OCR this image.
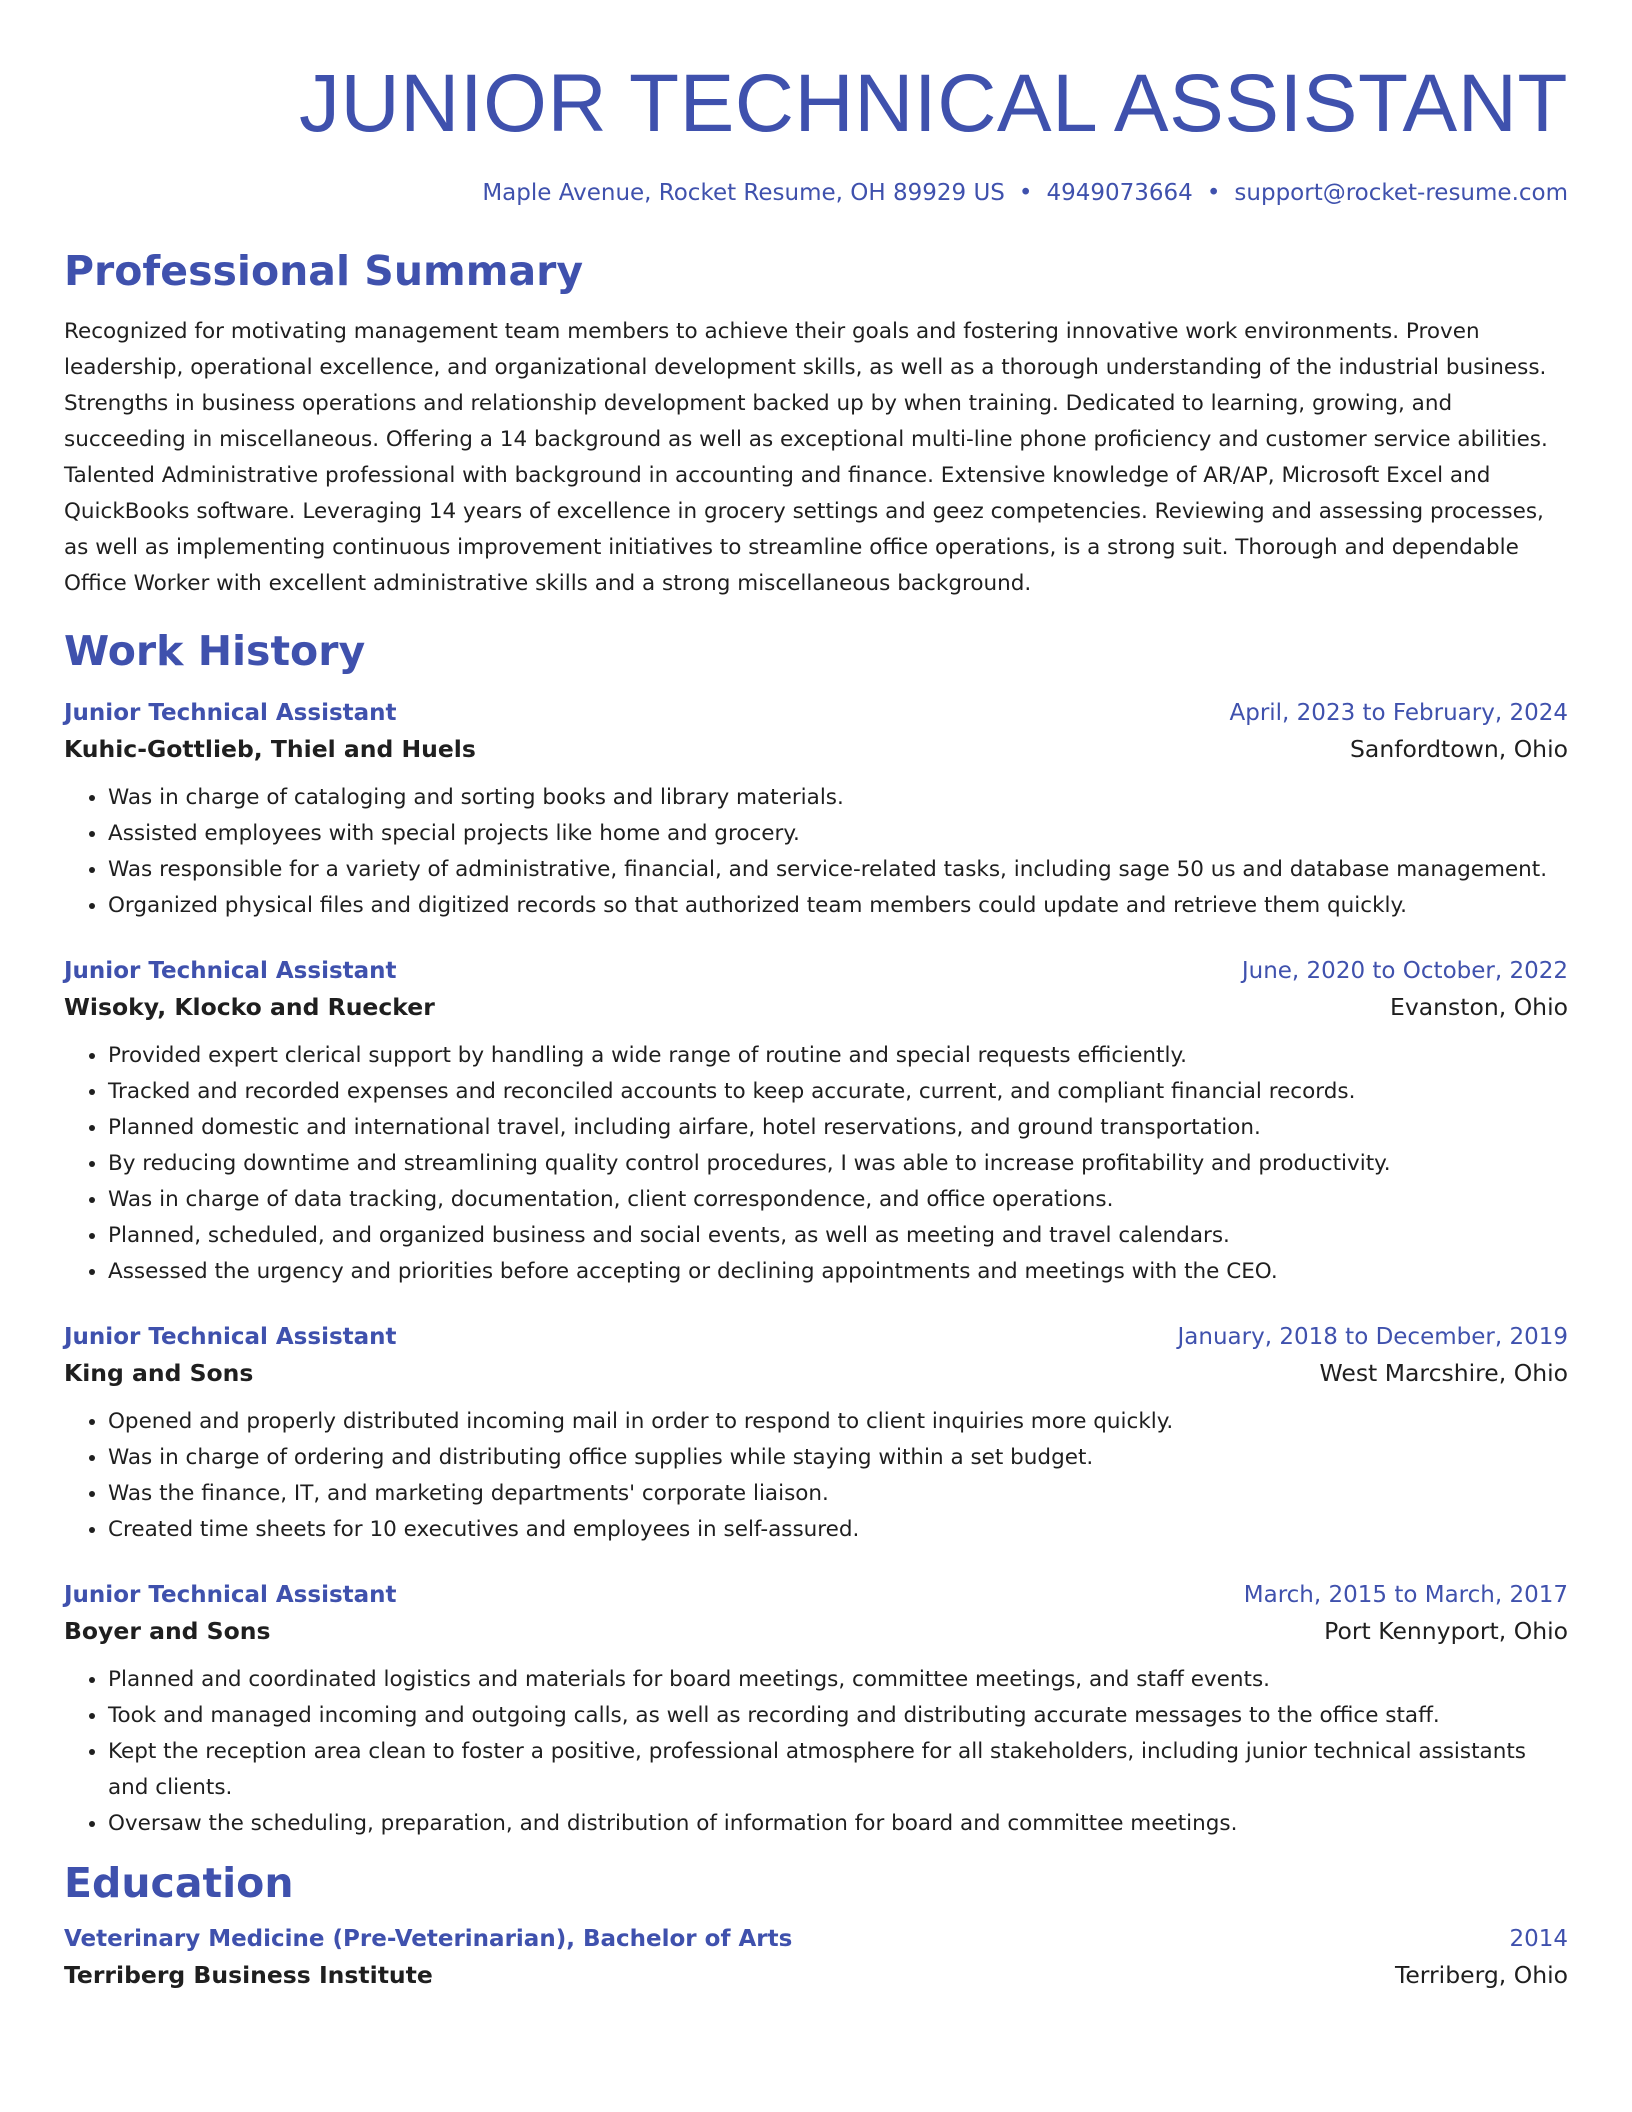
JUNIOR TECHNICAL ASSISTANT
Maple Avenue, Rocket Resume, OH 89929 US • 4949073664 • support@rocket-resume.com
Professional Summary
Recognized for motivating management team members to achieve their goals and fostering innovative work environments. Proven leadership, operational excellence, and organizational development skills, as well as a thorough understanding of the industrial business. Strengths in business operations and relationship development backed up by when training. Dedicated to learning, growing, and succeeding in miscellaneous. Offering a 14 background as well as exceptional multi-line phone proficiency and customer service abilities. Talented Administrative professional with background in accounting and finance. Extensive knowledge of AR/AP, Microsoft Excel and QuickBooks software. Leveraging 14 years of excellence in grocery settings and geez competencies. Reviewing and assessing processes, as well as implementing continuous improvement initiatives to streamline office operations, is a strong suit. Thorough and dependable Office Worker with excellent administrative skills and a strong miscellaneous background.
Work History
Junior Technical Assistant	April, 2023 to February, 2024
Kuhic-Gottlieb, Thiel and Huels	Sanfordtown, Ohio
• Was in charge of cataloging and sorting books and library materials.
• Assisted employees with special projects like home and grocery.
• Was responsible for a variety of administrative, financial, and service-related tasks, including sage 50 us and database management.
• Organized physical files and digitized records so that authorized team members could update and retrieve them quickly.
Junior Technical Assistant	June, 2020 to October, 2022
Wisoky, Klocko and Ruecker	Evanston, Ohio
• Provided expert clerical support by handling a wide range of routine and special requests efficiently.
• Tracked and recorded expenses and reconciled accounts to keep accurate, current, and compliant financial records.
• Planned domestic and international travel, including airfare, hotel reservations, and ground transportation.
• By reducing downtime and streamlining quality control procedures, I was able to increase profitability and productivity.
• Was in charge of data tracking, documentation, client correspondence, and office operations.
• Planned, scheduled, and organized business and social events, as well as meeting and travel calendars.
• Assessed the urgency and priorities before accepting or declining appointments and meetings with the CEO.
Junior Technical Assistant	January, 2018 to December, 2019
King and Sons	West Marcshire, Ohio
• Opened and properly distributed incoming mail in order to respond to client inquiries more quickly.
• Was in charge of ordering and distributing office supplies while staying within a set budget.
• Was the finance, IT, and marketing departments' corporate liaison.
• Created time sheets for 10 executives and employees in self-assured.
Junior Technical Assistant	March, 2015 to March, 2017
Boyer and Sons	Port Kennyport, Ohio
• Planned and coordinated logistics and materials for board meetings, committee meetings, and staff events.
• Took and managed incoming and outgoing calls, as well as recording and distributing accurate messages to the office staff.
• Kept the reception area clean to foster a positive, professional atmosphere for all stakeholders, including junior technical assistants and clients.
• Oversaw the scheduling, preparation, and distribution of information for board and committee meetings.
Education
Veterinary Medicine (Pre-Veterinarian), Bachelor of Arts	2014
Terriberg Business Institute	Terriberg, Ohio
